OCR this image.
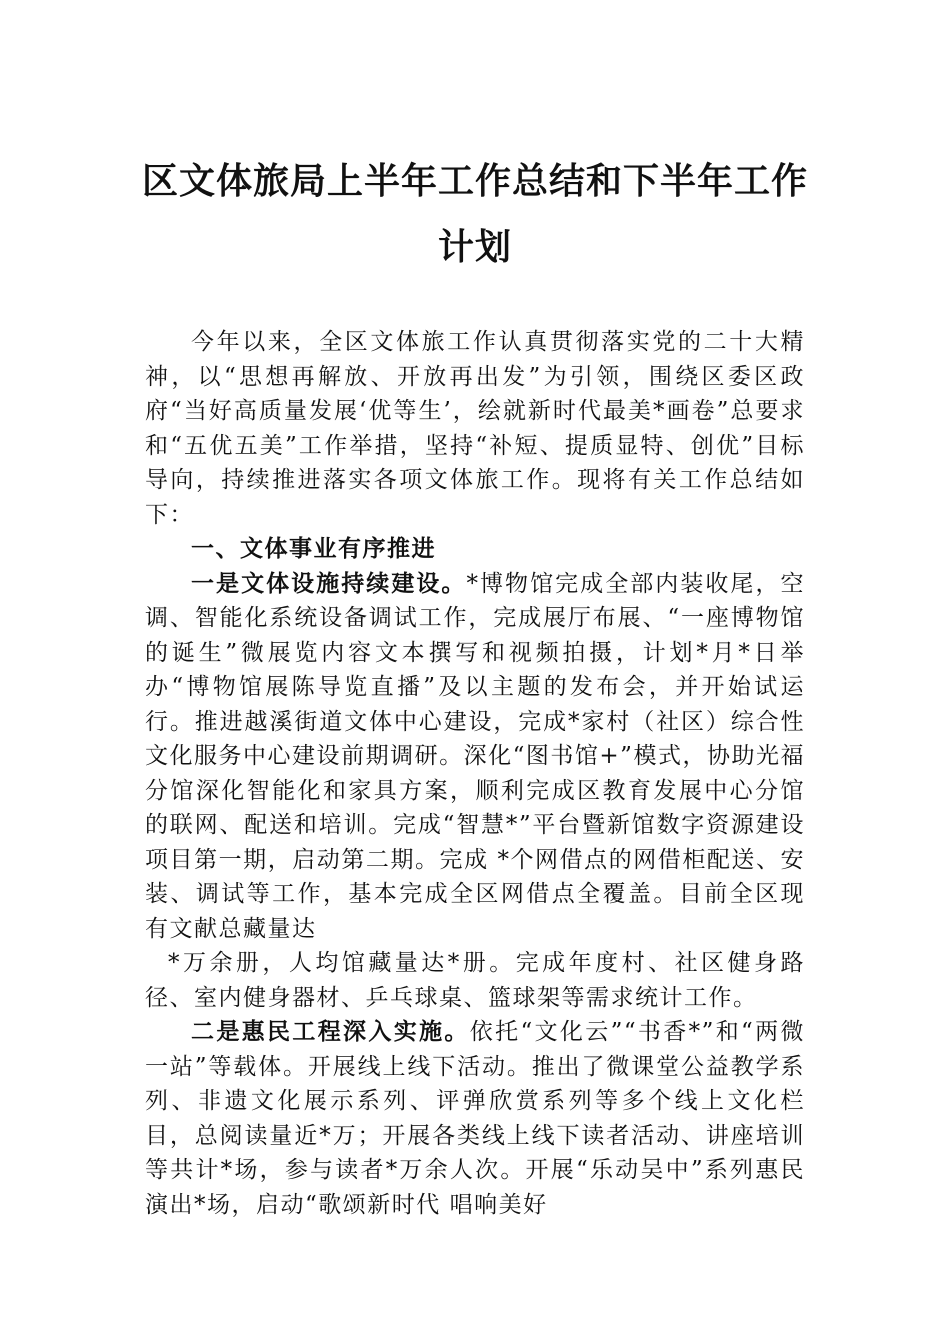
区文体旅局上半年工作总结和下半年工作
计划

今年以来，全区文体旅工作认真贯彻落实党的二十大精神，以“思想再解放、开放再出发”为引领，围绕区委区政府“当好高质量发展‘优等生’，绘就新时代最美*画卷”总要求和“五优五美”工作举措，坚持“补短、提质显特、创优”目标导向，持续推进落实各项文体旅工作。现将有关工作总结如下：

一、文体事业有序推进

一是文体设施持续建设。*博物馆完成全部内装收尾，空调、智能化系统设备调试工作，完成展厅布展、“一座博物馆的诞生”微展览内容文本撰写和视频拍摄，计划*月*日举办“博物馆展陈导览直播”及以主题的发布会，并开始试运行。推进越溪街道文体中心建设，完成*家村（社区）综合性文化服务中心建设前期调研。深化“图书馆+”模式，协助光福分馆深化智能化和家具方案，顺利完成区教育发展中心分馆的联网、配送和培训。完成“智慧*”平台暨新馆数字资源建设项目第一期，启动第二期。完成 *个网借点的网借柜配送、安装、调试等工作，基本完成全区网借点全覆盖。目前全区现有文献总藏量达

*万余册，人均馆藏量达*册。完成年度村、社区健身路径、室内健身器材、乒乓球桌、篮球架等需求统计工作。

二是惠民工程深入实施。依托“文化云”“书香*”和“两微一站”等载体。开展线上线下活动。推出了微课堂公益教学系列、非遗文化展示系列、评弹欣赏系列等多个线上文化栏目，总阅读量近*万；开展各类线上线下读者活动、讲座培训等共计*场，参与读者*万余人次。开展“乐动吴中”系列惠民演出*场，启动“歌颂新时代 唱响美好
